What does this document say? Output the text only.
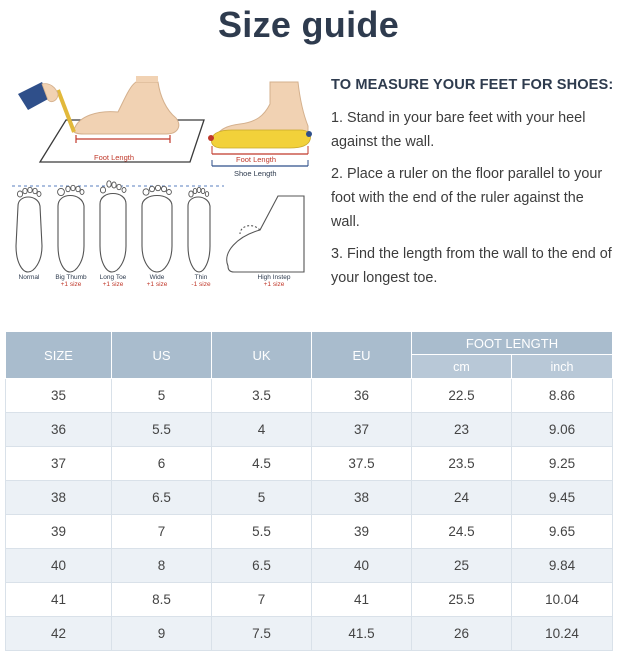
Size guide
Foot Length	Foot Length
Shoe Length
Normal	Big Thumb
+1 size
Long Toe
+1 size
Wide
+1 size
Thin
-1 size
High Instep
+1 size
TO MEASURE YOUR FEET FOR SHOES:

1. Stand in your bare feet with your heel against the wall.

2. Place a ruler on the floor parallel to your foot with the end of the ruler against the wall.

3. Find the length from the wall to the end of your longest toe.

SIZE	US	UK	EU	FOOT LENGTH	
				cm	inch
35	5	3.5	36	22.5	8.86
36	5.5	4	37	23	9.06
37	6	4.5	37.5	23.5	9.25
38	6.5	5	38	24	9.45
39	7	5.5	39	24.5	9.65
40	8	6.5	40	25	9.84
41	8.5	7	41	25.5	10.04
42	9	7.5	41.5	26	10.24
